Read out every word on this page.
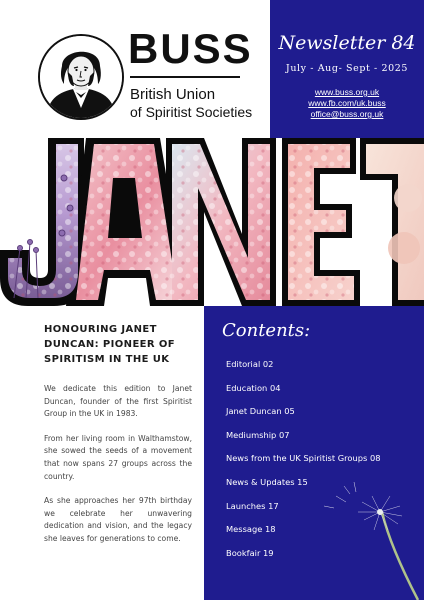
BUSS
British Union
of Spiritist Societies
Newsletter 84
July - Aug- Sept - 2025
www.buss.org.uk
www.fb.com/uk.buss
office@buss.org.uk
HONOURING JANET DUNCAN: PIONEER OF SPIRITISM IN THE UK

We dedicate this edition to Janet Duncan, founder of the first Spiritist Group in the UK in 1983.

From her living room in Walthamstow, she sowed the seeds of a movement that now spans 27 groups across the country.

As she approaches her 97th birthday we celebrate her unwavering dedication and vision, and the legacy she leaves for generations to come.

Contents:
Editorial 02
Education 04
Janet Duncan 05
Mediumship 07
News from the UK Spiritist Groups 08
News & Updates 15
Launches 17
Message 18
Bookfair 19
